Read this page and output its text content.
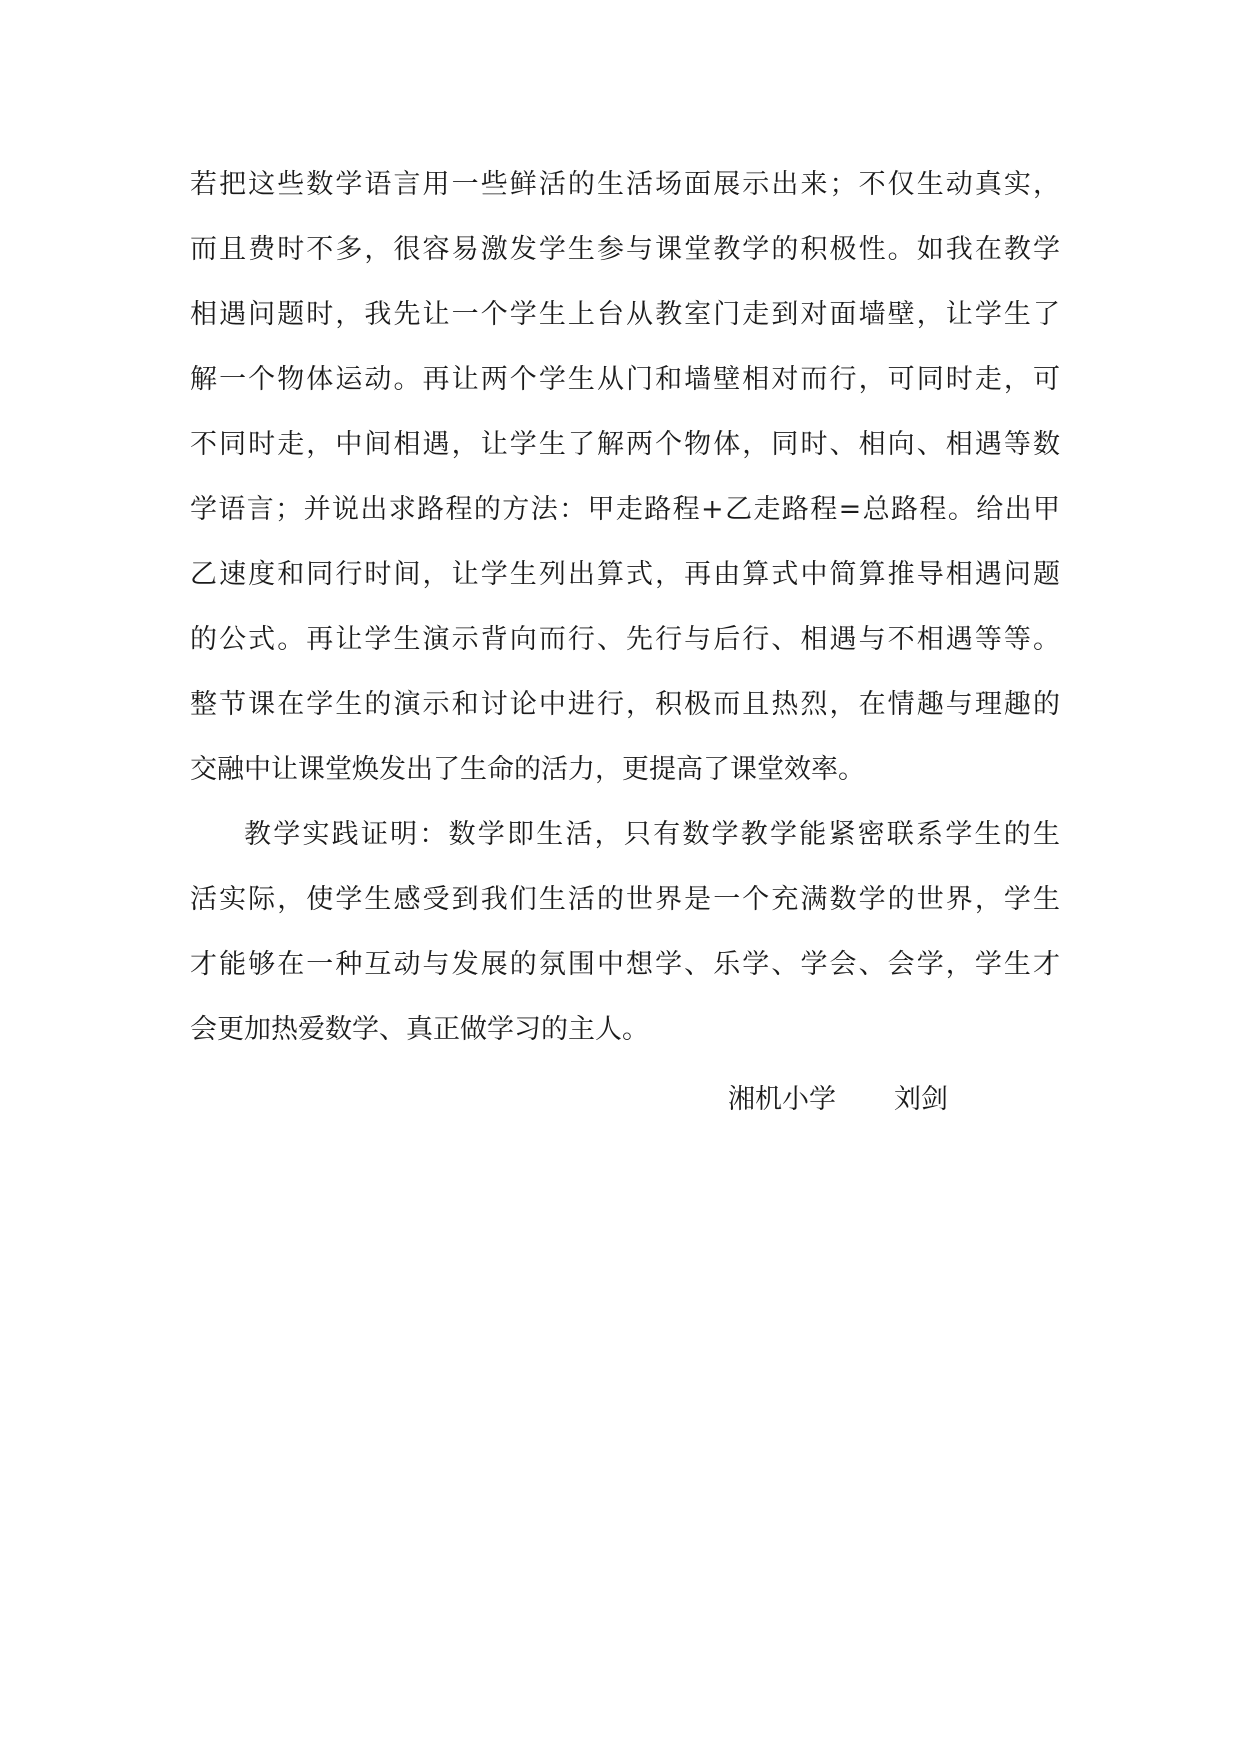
若把这些数学语言用一些鲜活的生活场面展示出来；不仅生动真实，
而且费时不多，很容易激发学生参与课堂教学的积极性。如我在教学
相遇问题时，我先让一个学生上台从教室门走到对面墙壁，让学生了
解一个物体运动。再让两个学生从门和墙壁相对而行，可同时走，可
不同时走，中间相遇，让学生了解两个物体，同时、相向、相遇等数
学语言；并说出求路程的方法：甲走路程+乙走路程=总路程。给出甲
乙速度和同行时间，让学生列出算式，再由算式中简算推导相遇问题
的公式。再让学生演示背向而行、先行与后行、相遇与不相遇等等。
整节课在学生的演示和讨论中进行，积极而且热烈，在情趣与理趣的
交融中让课堂焕发出了生命的活力，更提高了课堂效率。
教学实践证明：数学即生活，只有数学教学能紧密联系学生的生
活实际，使学生感受到我们生活的世界是一个充满数学的世界，学生
才能够在一种互动与发展的氛围中想学、乐学、学会、会学，学生才
会更加热爱数学、真正做学习的主人。
湘机小学 刘剑
